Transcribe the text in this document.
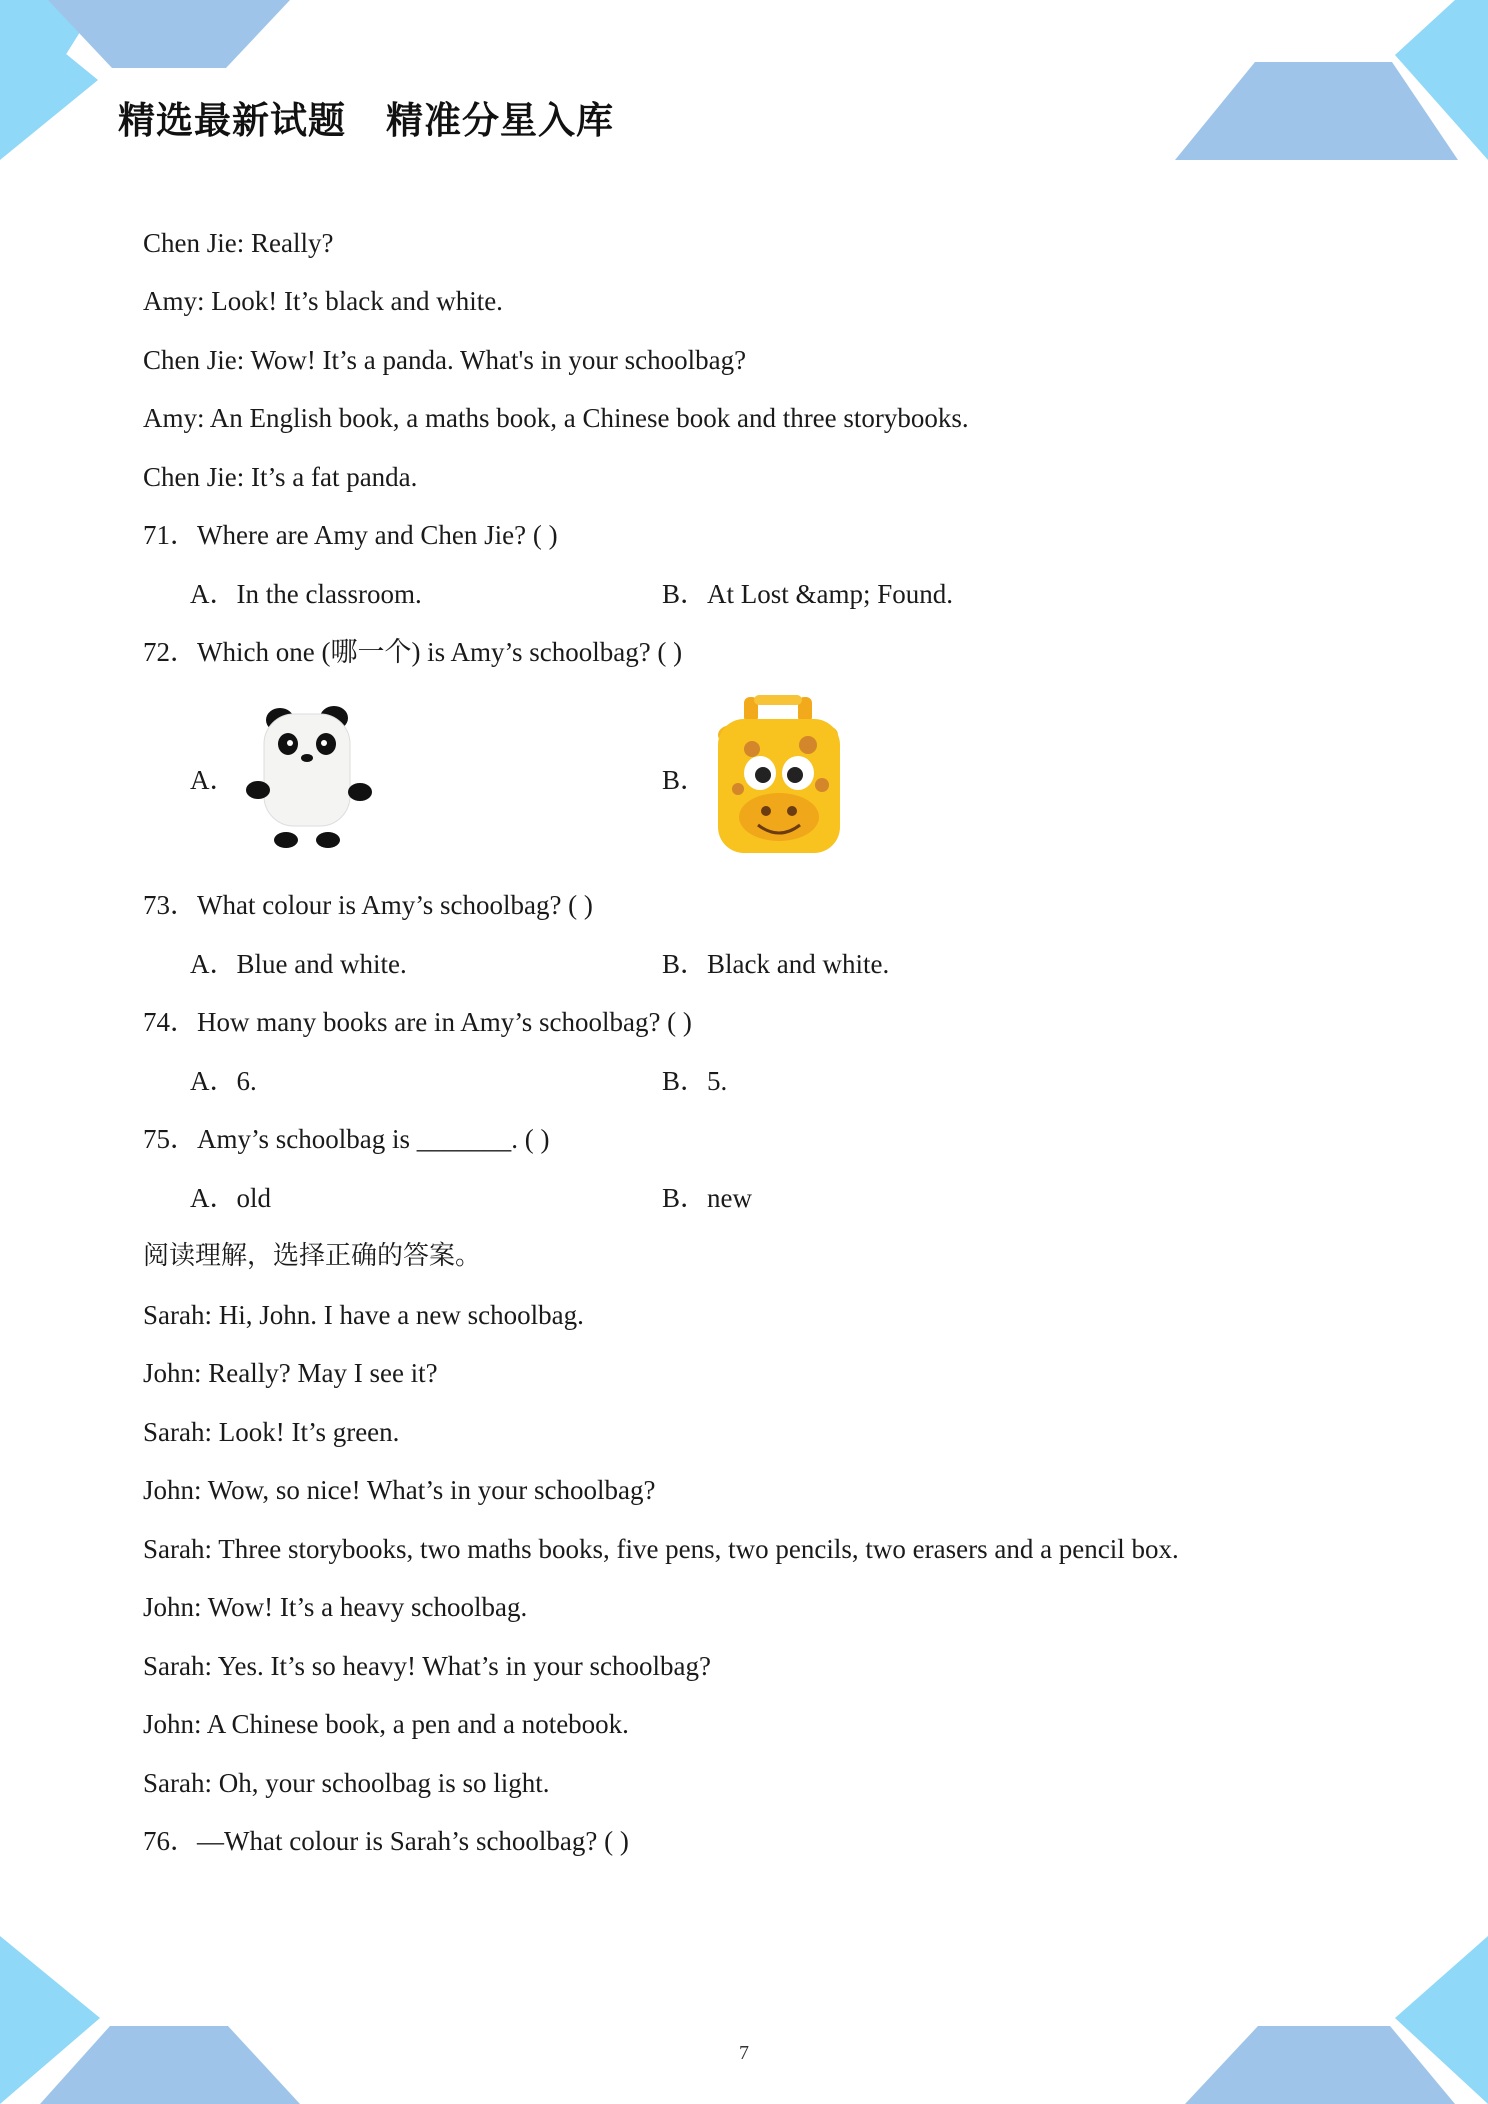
精选最新试题 精准分星入库
Chen Jie: Really?
Amy: Look! It’s black and white.
Chen Jie: Wow! It’s a panda. What's in your schoolbag?
Amy: An English book, a maths book, a Chinese book and three storybooks.
Chen Jie: It’s a fat panda.
71．Where are Amy and Chen Jie? ( )
A．In the classroom.	B．At Lost &amp; Found.
72．Which one (哪一个) is Amy’s schoolbag? ( )
A．	B．
73．What colour is Amy’s schoolbag? ( )
A．Blue and white.	B．Black and white.
74．How many books are in Amy’s schoolbag? ( )
A．6.	B．5.
75．Amy’s schoolbag is _______. ( )
A．old	B．new
阅读理解，选择正确的答案。
Sarah: Hi, John. I have a new schoolbag.
John: Really? May I see it?
Sarah: Look! It’s green.
John: Wow, so nice! What’s in your schoolbag?
Sarah: Three storybooks, two maths books, five pens, two pencils, two erasers and a pencil box.
John: Wow! It’s a heavy schoolbag.
Sarah: Yes. It’s so heavy! What’s in your schoolbag?
John: A Chinese book, a pen and a notebook.
Sarah: Oh, your schoolbag is so light.
76．—What colour is Sarah’s schoolbag? ( )
7
